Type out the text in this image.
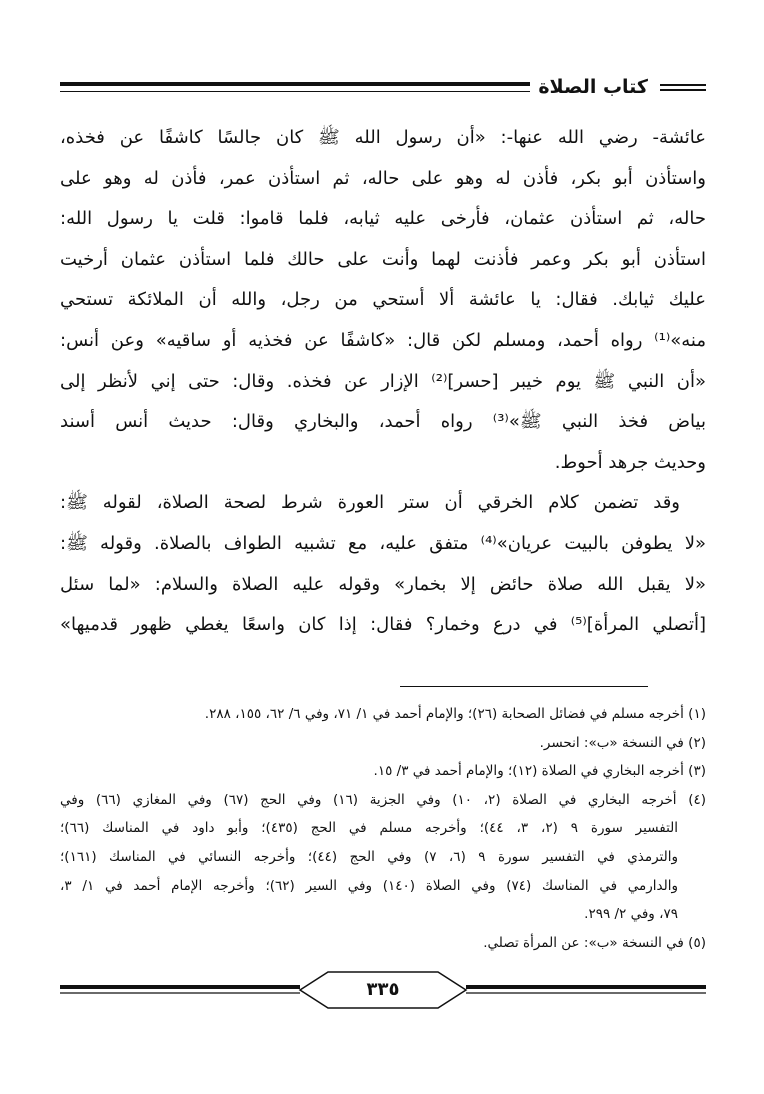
كتاب الصلاة
عائشة- رضي الله عنها-: «أن رسول الله ﷺ كان جالسًا كاشفًا عن فخذه،
واستأذن أبو بكر، فأذن له وهو على حاله، ثم استأذن عمر، فأذن له وهو على
حاله، ثم استأذن عثمان، فأرخى عليه ثيابه، فلما قاموا: قلت يا رسول الله:
استأذن أبو بكر وعمر فأذنت لهما وأنت على حالك فلما استأذن عثمان أرخيت
عليك ثيابك. فقال: يا عائشة ألا أستحي من رجل، والله أن الملائكة تستحي
منه»⁽¹⁾ رواه أحمد، ومسلم لكن قال: «كاشفًا عن فخذيه أو ساقيه» وعن أنس:
«أن النبي ﷺ يوم خيبر [حسر]⁽²⁾ الإزار عن فخذه. وقال: حتى إني لأنظر إلى
بياض فخذ النبي ﷺ»⁽³⁾ رواه أحمد، والبخاري وقال: حديث أنس أسند
وحديث جرهد أحوط.
وقد تضمن كلام الخرقي أن ستر العورة شرط لصحة الصلاة، لقوله ﷺ:
«لا يطوفن بالبيت عريان»⁽⁴⁾ متفق عليه، مع تشبيه الطواف بالصلاة. وقوله ﷺ:
«لا يقبل الله صلاة حائض إلا بخمار» وقوله عليه الصلاة والسلام: «لما سئل
[أتصلي المرأة]⁽⁵⁾ في درع وخمار؟ فقال: إذا كان واسعًا يغطي ظهور قدميها»
(١) أخرجه مسلم في فضائل الصحابة (٢٦)؛ والإمام أحمد في ١/ ٧١، وفي ٦/ ٦٢، ١٥٥، ٢٨٨.
(٢) في النسخة «ب»: انحسر.
(٣) أخرجه البخاري في الصلاة (١٢)؛ والإمام أحمد في ٣/ ١٥.
(٤) أخرجه البخاري في الصلاة (٢، ١٠) وفي الجزية (١٦) وفي الحج (٦٧) وفي المغازي (٦٦) وفي
التفسير سورة ٩ (٢، ٣، ٤٤)؛ وأخرجه مسلم في الحج (٤٣٥)؛ وأبو داود في المناسك (٦٦)؛
والترمذي في التفسير سورة ٩ (٦، ٧) وفي الحج (٤٤)؛ وأخرجه النسائي في المناسك (١٦١)؛
والدارمي في المناسك (٧٤) وفي الصلاة (١٤٠) وفي السير (٦٢)؛ وأخرجه الإمام أحمد في ١/ ٣،
٧٩، وفي ٢/ ٢٩٩.
(٥) في النسخة «ب»: عن المرأة تصلي.
٣٣٥
